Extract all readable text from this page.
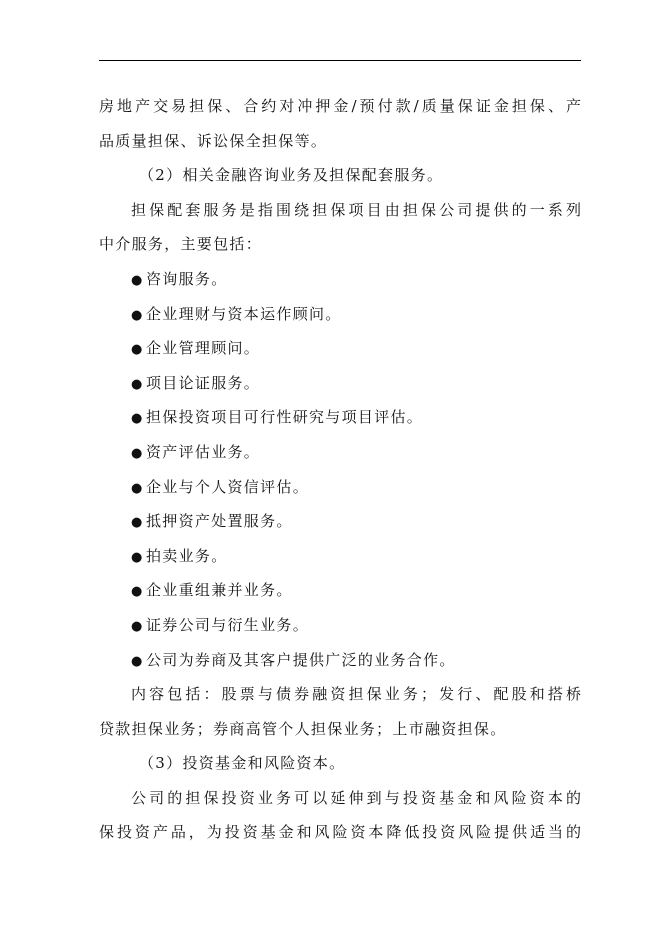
房地产交易担保、合约对冲押金/预付款/质量保证金担保、产
品质量担保、诉讼保全担保等。
（2）相关金融咨询业务及担保配套服务。
担保配套服务是指围绕担保项目由担保公司提供的一系列
中介服务，主要包括：
● 咨询服务。
● 企业理财与资本运作顾问。
● 企业管理顾问。
● 项目论证服务。
● 担保投资项目可行性研究与项目评估。
● 资产评估业务。
● 企业与个人资信评估。
● 抵押资产处置服务。
● 拍卖业务。
● 企业重组兼并业务。
● 证券公司与衍生业务。
● 公司为券商及其客户提供广泛的业务合作。
内容包括：股票与债券融资担保业务；发行、配股和搭桥
贷款担保业务；券商高管个人担保业务；上市融资担保。
（3）投资基金和风险资本。
公司的担保投资业务可以延伸到与投资基金和风险资本的
保投资产品，为投资基金和风险资本降低投资风险提供适当的
